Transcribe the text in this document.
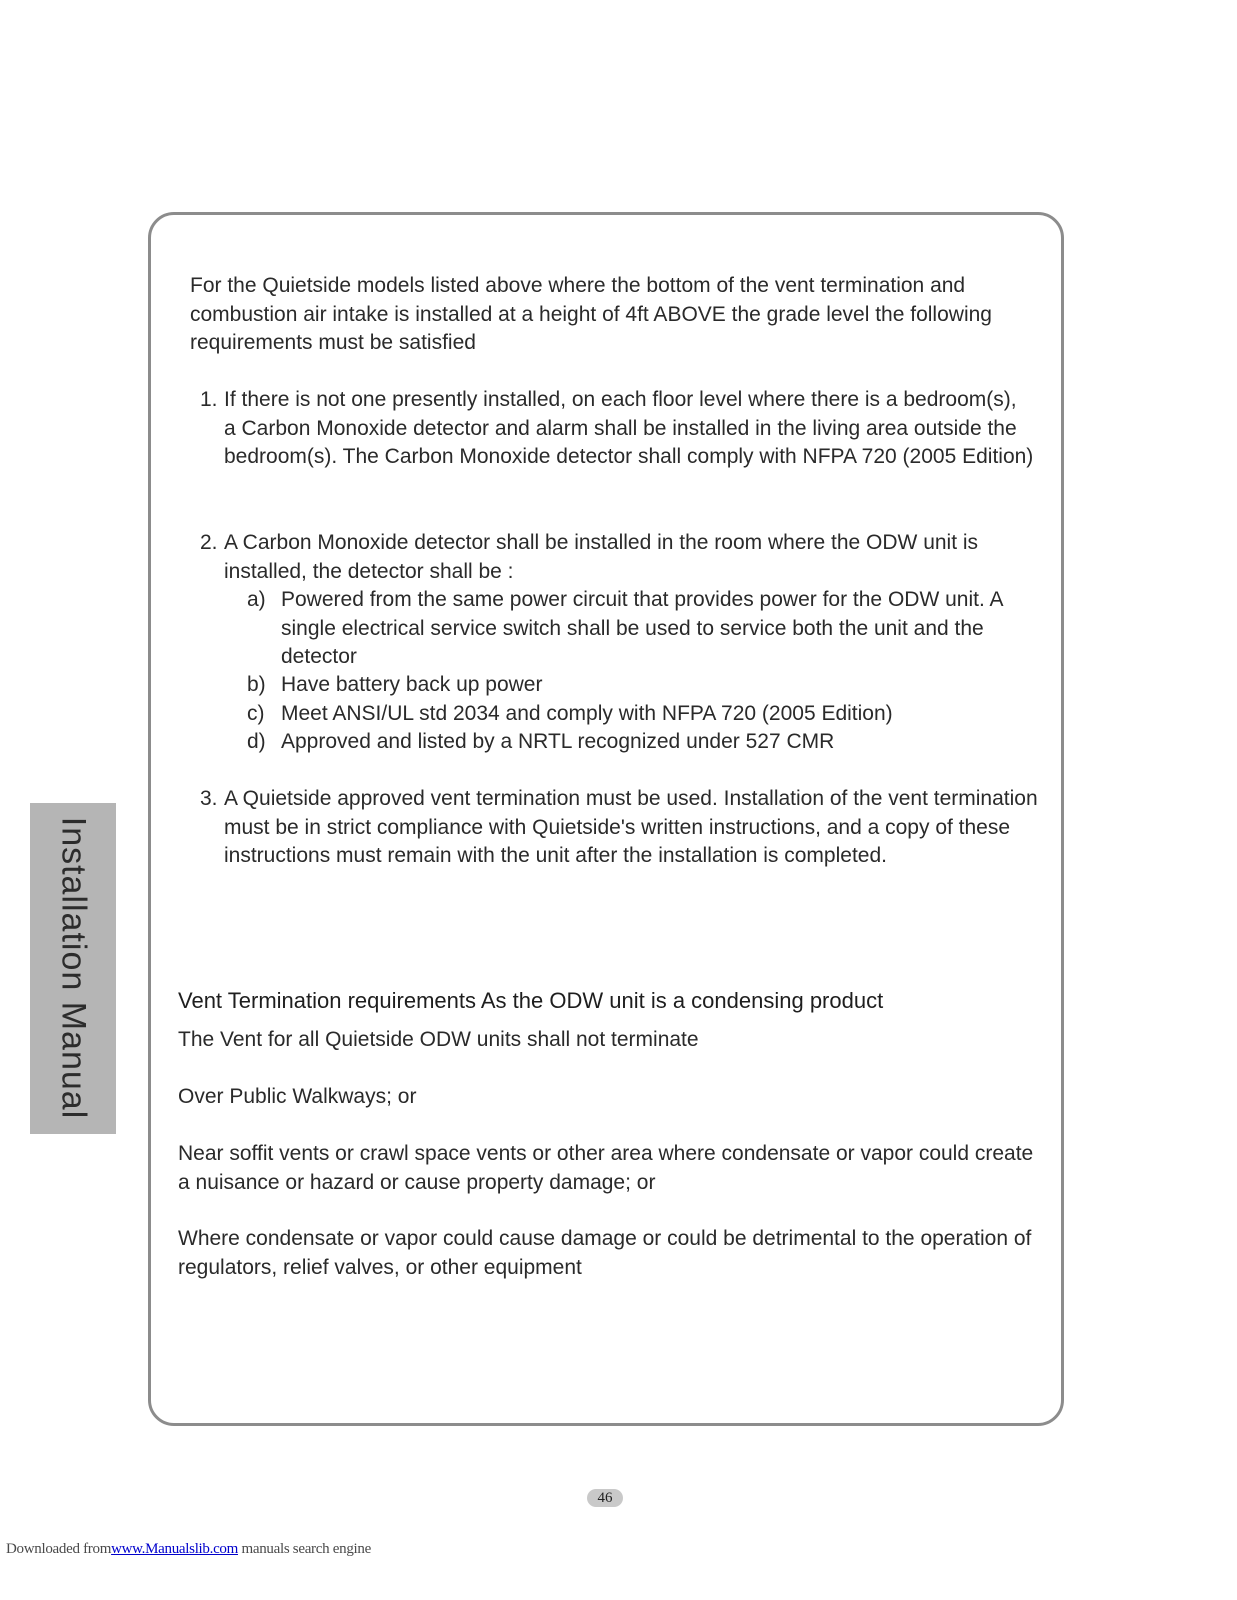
For the Quietside models listed above where the bottom of the vent termination and combustion air intake is installed at a height of 4ft ABOVE the grade level the following requirements must be satisfied

1. If there is not one presently installed, on each floor level where there is a bedroom(s), a Carbon Monoxide detector and alarm shall be installed in the living area outside the bedroom(s). The Carbon Monoxide detector shall comply with NFPA 720 (2005 Edition)
2. A Carbon Monoxide detector shall be installed in the room where the ODW unit is installed, the detector shall be :
a) Powered from the same power circuit that provides power for the ODW unit. A single electrical service switch shall be used to service both the unit and the detector
b) Have battery back up power
c) Meet ANSI/UL std 2034 and comply with NFPA 720 (2005 Edition)
d) Approved and listed by a NRTL recognized under 527 CMR
3. A Quietside approved vent termination must be used. Installation of the vent termination must be in strict compliance with Quietside's written instructions, and a copy of these instructions must remain with the unit after the installation is completed.

Vent Termination requirements As the ODW unit is a condensing product

The Vent for all Quietside ODW units shall not terminate

Over Public Walkways; or

Near soffit vents or crawl space vents or other area where condensate or vapor could create a nuisance or hazard or cause property damage; or

Where condensate or vapor could cause damage or could be detrimental to the operation of regulators, relief valves, or other equipment

Installation Manual
46
Downloaded fromwww.Manualslib.com manuals search engine
